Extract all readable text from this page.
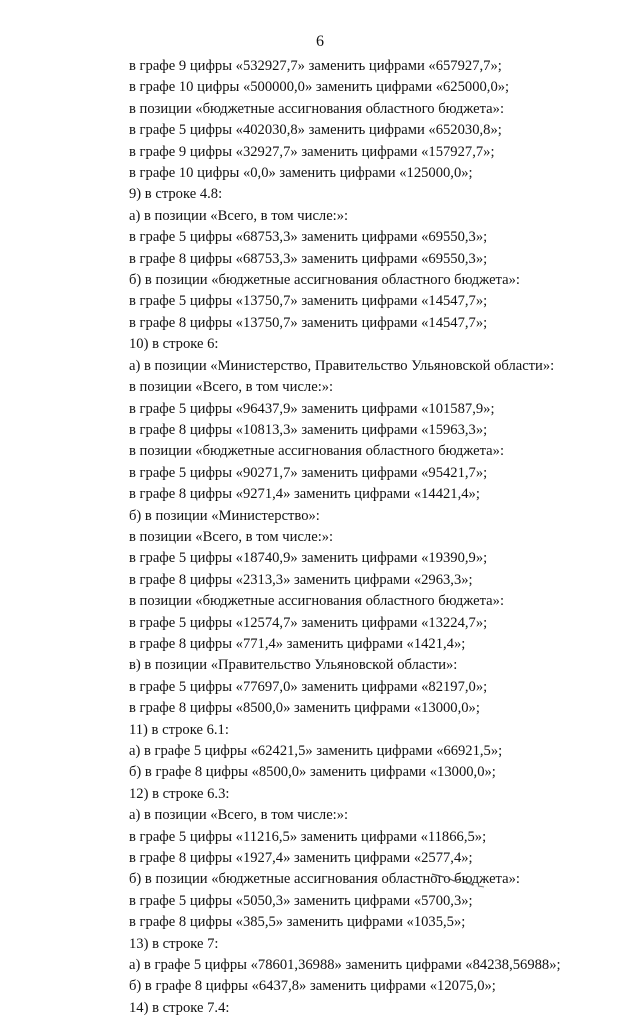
6
в графе 9 цифры «532927,7» заменить цифрами «657927,7»;
в графе 10 цифры «500000,0» заменить цифрами «625000,0»;
в позиции «бюджетные ассигнования областного бюджета»:
в графе 5 цифры «402030,8» заменить цифрами «652030,8»;
в графе 9 цифры «32927,7» заменить цифрами «157927,7»;
в графе 10 цифры «0,0» заменить цифрами «125000,0»;
9) в строке 4.8:
а) в позиции «Всего, в том числе:»:
в графе 5 цифры «68753,3» заменить цифрами «69550,3»;
в графе 8 цифры «68753,3» заменить цифрами «69550,3»;
б) в позиции «бюджетные ассигнования областного бюджета»:
в графе 5 цифры «13750,7» заменить цифрами «14547,7»;
в графе 8 цифры «13750,7» заменить цифрами «14547,7»;
10) в строке 6:
а) в позиции «Министерство, Правительство Ульяновской области»:
в позиции «Всего, в том числе:»:
в графе 5 цифры «96437,9» заменить цифрами «101587,9»;
в графе 8 цифры «10813,3» заменить цифрами «15963,3»;
в позиции «бюджетные ассигнования областного бюджета»:
в графе 5 цифры «90271,7» заменить цифрами «95421,7»;
в графе 8 цифры «9271,4» заменить цифрами «14421,4»;
б) в позиции «Министерство»:
в позиции «Всего, в том числе:»:
в графе 5 цифры «18740,9» заменить цифрами «19390,9»;
в графе 8 цифры «2313,3» заменить цифрами «2963,3»;
в позиции «бюджетные ассигнования областного бюджета»:
в графе 5 цифры «12574,7» заменить цифрами «13224,7»;
в графе 8 цифры «771,4» заменить цифрами «1421,4»;
в) в позиции «Правительство Ульяновской области»:
в графе 5 цифры «77697,0» заменить цифрами «82197,0»;
в графе 8 цифры «8500,0» заменить цифрами «13000,0»;
11) в строке 6.1:
а) в графе 5 цифры «62421,5» заменить цифрами «66921,5»;
б) в графе 8 цифры «8500,0» заменить цифрами «13000,0»;
12) в строке 6.3:
а) в позиции «Всего, в том числе:»:
в графе 5 цифры «11216,5» заменить цифрами «11866,5»;
в графе 8 цифры «1927,4» заменить цифрами «2577,4»;
б) в позиции «бюджетные ассигнования областного бюджета»:
в графе 5 цифры «5050,3» заменить цифрами «5700,3»;
в графе 8 цифры «385,5» заменить цифрами «1035,5»;
13) в строке 7:
а) в графе 5 цифры «78601,36988» заменить цифрами «84238,56988»;
б) в графе 8 цифры «6437,8» заменить цифрами «12075,0»;
14) в строке 7.4:
